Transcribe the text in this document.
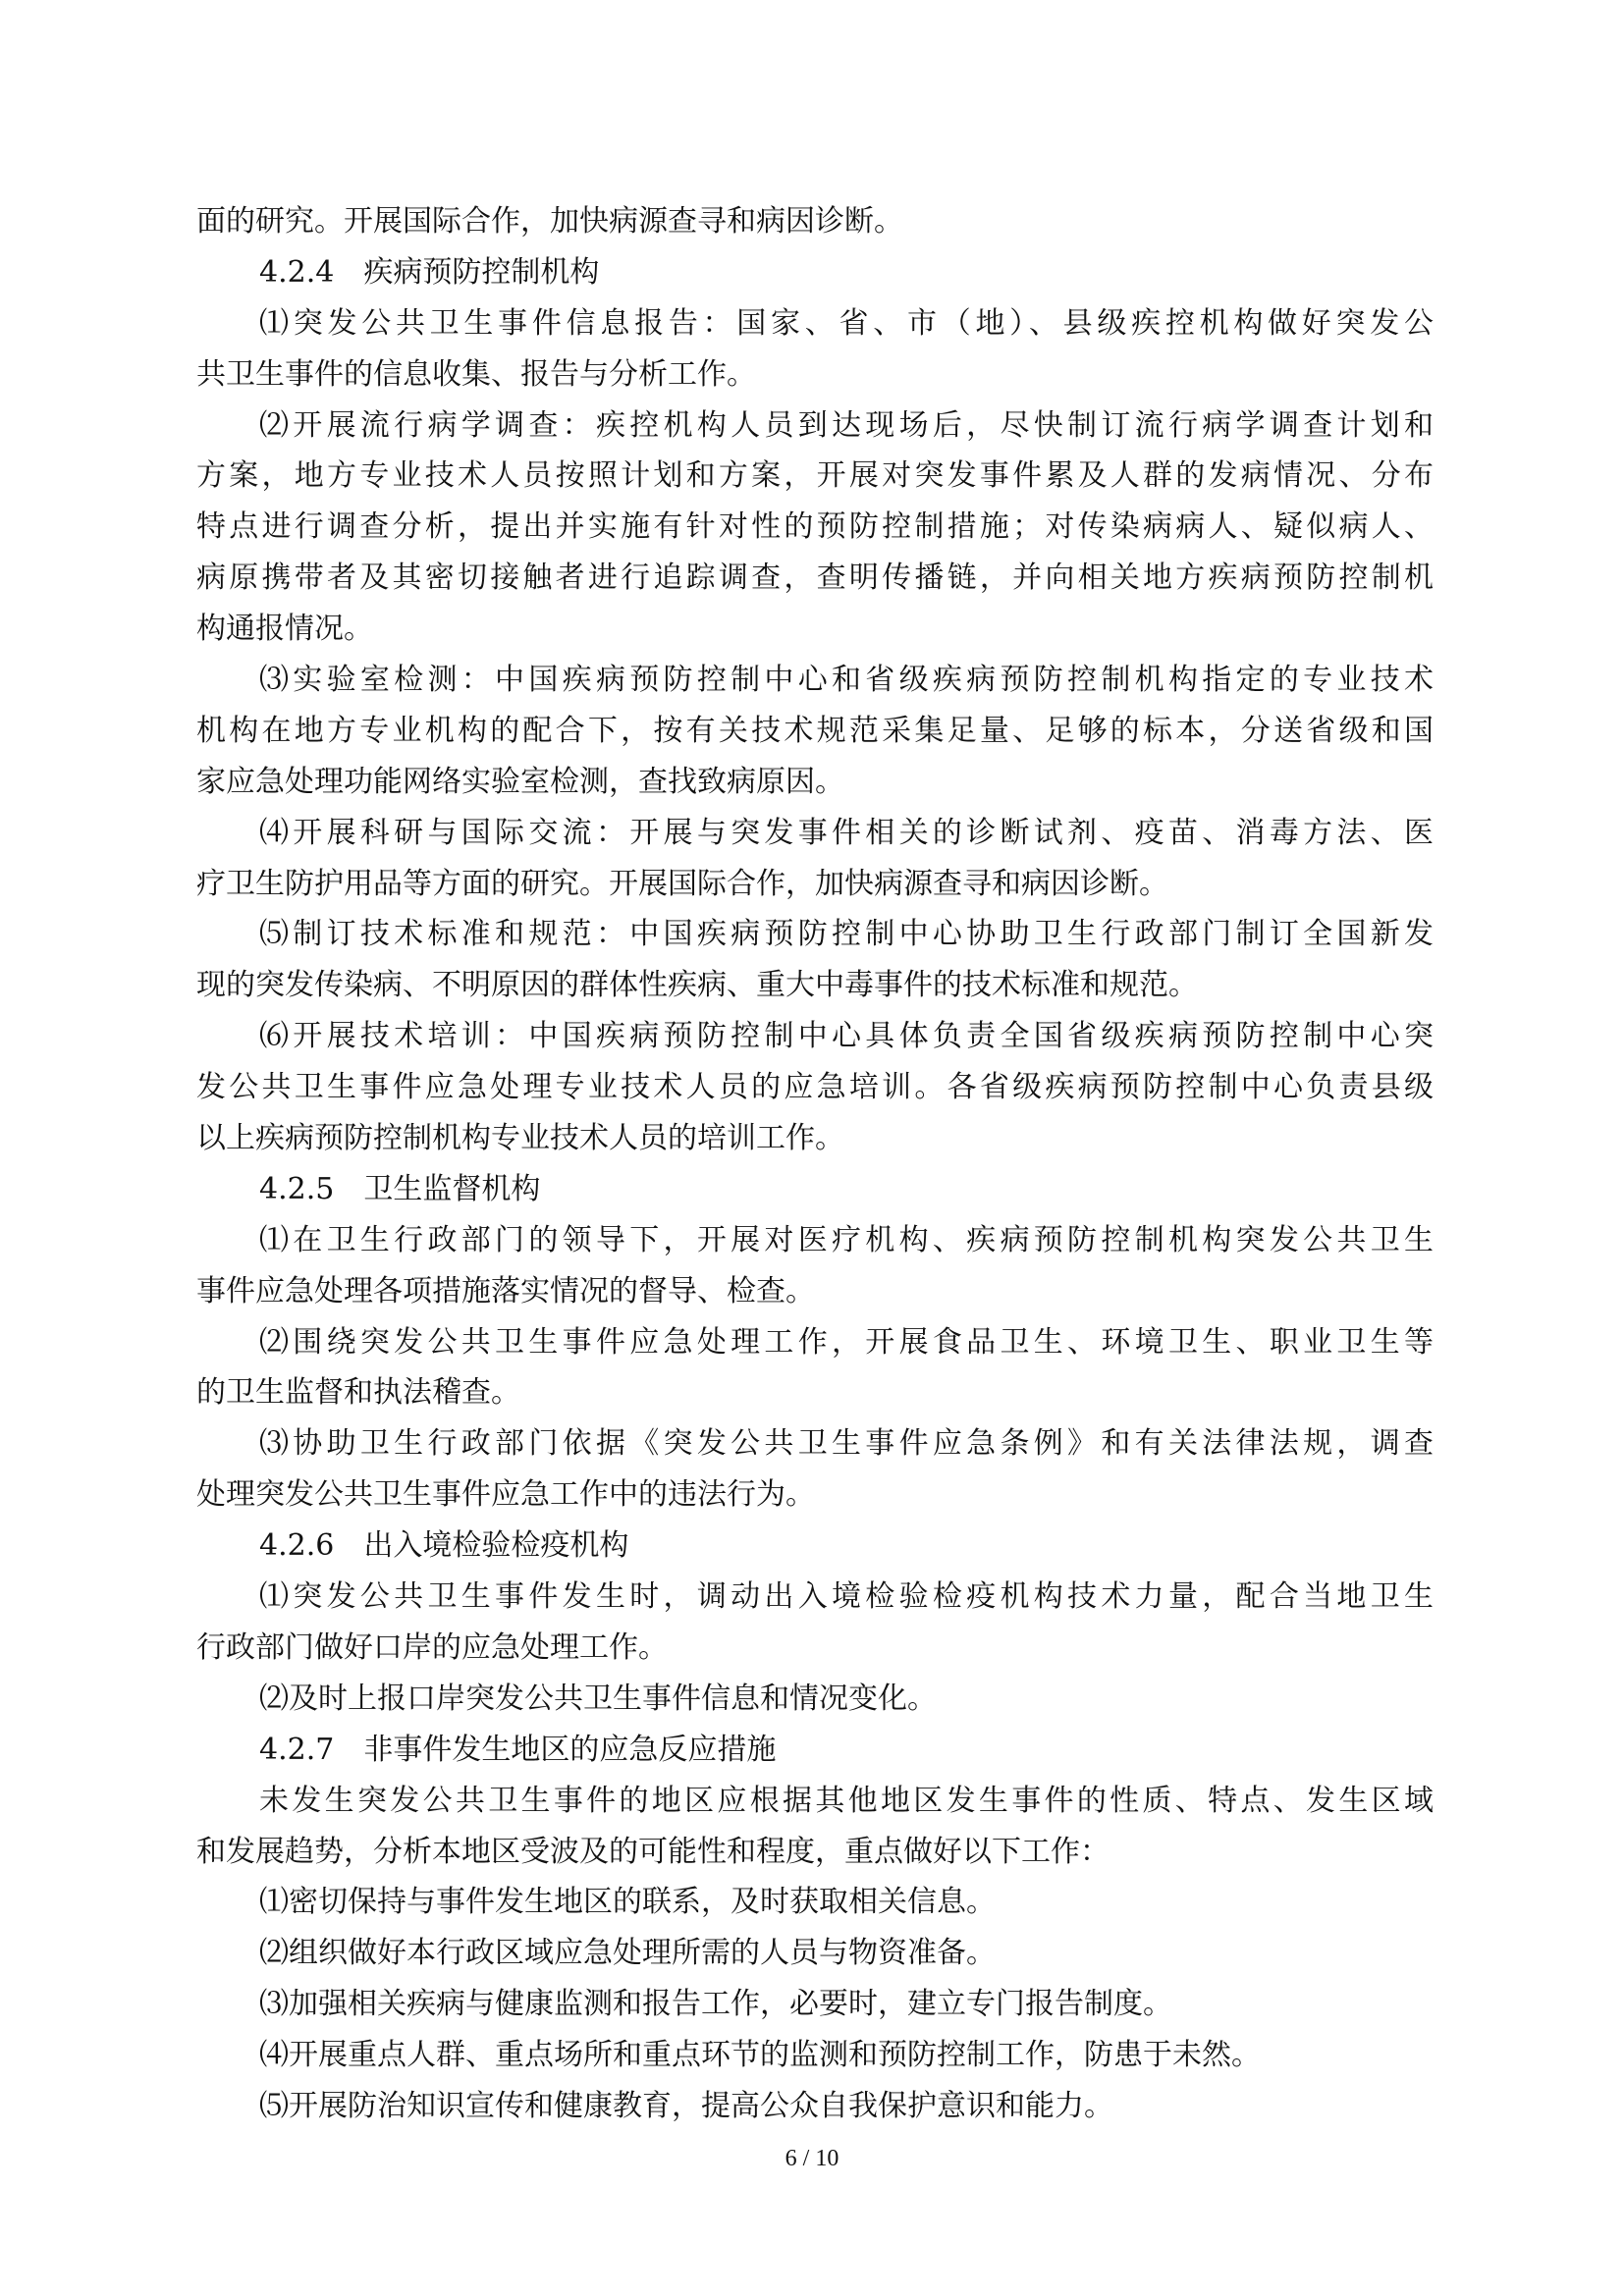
面的研究。开展国际合作，加快病源查寻和病因诊断。

4.2.4　疾病预防控制机构

⑴突发公共卫生事件信息报告：国家、省、市（地）、县级疾控机构做好突发公

共卫生事件的信息收集、报告与分析工作。

⑵开展流行病学调查：疾控机构人员到达现场后，尽快制订流行病学调查计划和

方案，地方专业技术人员按照计划和方案，开展对突发事件累及人群的发病情况、分布

特点进行调查分析，提出并实施有针对性的预防控制措施；对传染病病人、疑似病人、

病原携带者及其密切接触者进行追踪调查，查明传播链，并向相关地方疾病预防控制机

构通报情况。

⑶实验室检测：中国疾病预防控制中心和省级疾病预防控制机构指定的专业技术

机构在地方专业机构的配合下，按有关技术规范采集足量、足够的标本，分送省级和国

家应急处理功能网络实验室检测，查找致病原因。

⑷开展科研与国际交流：开展与突发事件相关的诊断试剂、疫苗、消毒方法、医

疗卫生防护用品等方面的研究。开展国际合作，加快病源查寻和病因诊断。

⑸制订技术标准和规范：中国疾病预防控制中心协助卫生行政部门制订全国新发

现的突发传染病、不明原因的群体性疾病、重大中毒事件的技术标准和规范。

⑹开展技术培训：中国疾病预防控制中心具体负责全国省级疾病预防控制中心突

发公共卫生事件应急处理专业技术人员的应急培训。各省级疾病预防控制中心负责县级

以上疾病预防控制机构专业技术人员的培训工作。

4.2.5　卫生监督机构

⑴在卫生行政部门的领导下，开展对医疗机构、疾病预防控制机构突发公共卫生

事件应急处理各项措施落实情况的督导、检查。

⑵围绕突发公共卫生事件应急处理工作，开展食品卫生、环境卫生、职业卫生等

的卫生监督和执法稽查。

⑶协助卫生行政部门依据《突发公共卫生事件应急条例》和有关法律法规，调查

处理突发公共卫生事件应急工作中的违法行为。

4.2.6　出入境检验检疫机构

⑴突发公共卫生事件发生时，调动出入境检验检疫机构技术力量，配合当地卫生

行政部门做好口岸的应急处理工作。

⑵及时上报口岸突发公共卫生事件信息和情况变化。

4.2.7　非事件发生地区的应急反应措施

未发生突发公共卫生事件的地区应根据其他地区发生事件的性质、特点、发生区域

和发展趋势，分析本地区受波及的可能性和程度，重点做好以下工作：

⑴密切保持与事件发生地区的联系，及时获取相关信息。

⑵组织做好本行政区域应急处理所需的人员与物资准备。

⑶加强相关疾病与健康监测和报告工作，必要时，建立专门报告制度。

⑷开展重点人群、重点场所和重点环节的监测和预防控制工作，防患于未然。

⑸开展防治知识宣传和健康教育，提高公众自我保护意识和能力。

6 / 10
